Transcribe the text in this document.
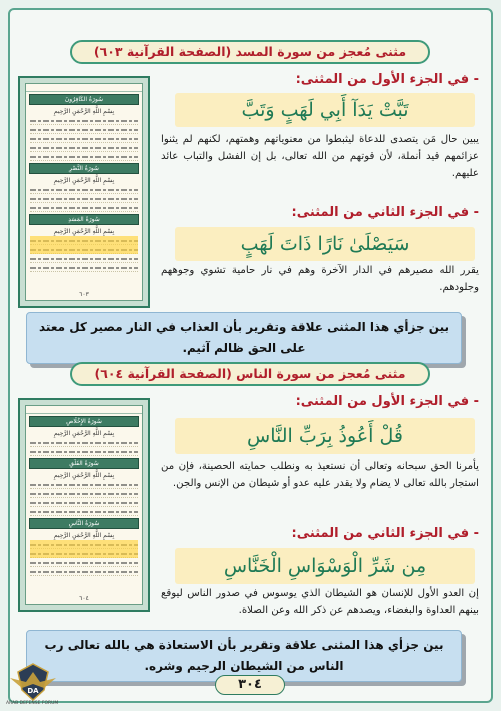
مثنى مُعجز من سورة المسد (الصفحة القرآنية ٦٠٣)
سُورَةُ الكَافِرُونَ
بِسْمِ اللَّهِ الرَّحْمَنِ الرَّحِيمِ
سُورَةُ النَّصْرِ
بِسْمِ اللَّهِ الرَّحْمَنِ الرَّحِيمِ
سُورَةُ المَسَدِ
بِسْمِ اللَّهِ الرَّحْمَنِ الرَّحِيمِ
٦٠٣
- في الجزء الأول من المثنى:
تَبَّتْ يَدَآ أَبِي لَهَبٍ وَتَبَّ
يبين حال مَن يتصدى للدعاة ليثبطوا من معنوياتهم وهمتهم، لكنهم لم يثنوا عزائمهم قيد أنملة، لأن قوتهم من الله تعالى، بل إن الفشل والتباب عائد عليهم.
- في الجزء الثاني من المثنى:
سَيَصْلَىٰ نَارًا ذَاتَ لَهَبٍ
يقرر الله مصيرهم في الدار الآخرة وهم في نار حامية تشوي وجوههم وجلودهم.
بين جزأي هذا المثنى علاقة وتقرير بأن العذاب في النار مصير كل معتد على الحق ظالم آثيم.
مثنى مُعجز من سورة الناس (الصفحة القرآنية ٦٠٤)
سُورَةُ الإِخْلَاصِ
بِسْمِ اللَّهِ الرَّحْمَنِ الرَّحِيمِ
سُورَةُ الفَلَقِ
بِسْمِ اللَّهِ الرَّحْمَنِ الرَّحِيمِ
سُورَةُ النَّاسِ
بِسْمِ اللَّهِ الرَّحْمَنِ الرَّحِيمِ
٦٠٤
- في الجزء الأول من المثنى:
قُلْ أَعُوذُ بِرَبِّ النَّاسِ
يأمرنا الحق سبحانه وتعالى أن نستعيذ به ونطلب حمايته الحصينة، فإن من استجار بالله تعالى لا يضام ولا يقدر عليه عدو أو شيطان من الإنس والجن.
- في الجزء الثاني من المثنى:
مِن شَرِّ الْوَسْوَاسِ الْخَنَّاسِ
إن العدو الأول للإنسان هو الشيطان الذي يوسوس في صدور الناس ليوقع بينهم العداوة والبغضاء، ويصدهم عن ذكر الله وعن الصلاة.
بين جزأي هذا المثنى علاقة وتقرير بأن الاستعاذة هي بالله تعالى رب الناس من الشيطان الرجيم وشره.
٣٠٤
DA
ARAB DEFENSE FORUM
